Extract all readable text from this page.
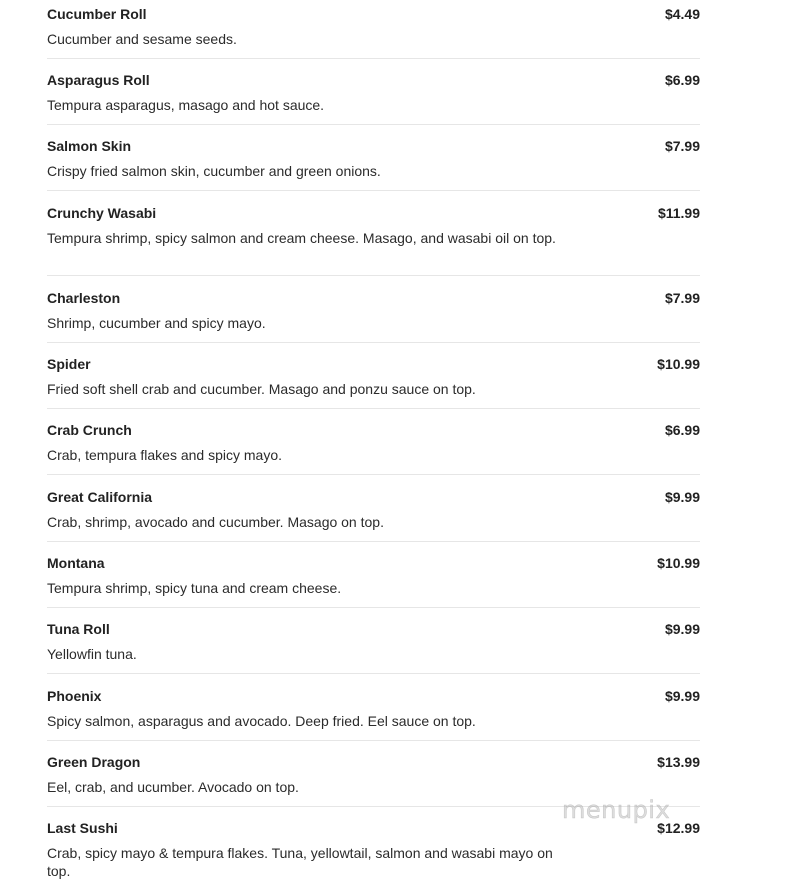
Cucumber Roll	$4.49
Cucumber and sesame seeds.
Asparagus Roll	$6.99
Tempura asparagus, masago and hot sauce.
Salmon Skin	$7.99
Crispy fried salmon skin, cucumber and green onions.
Crunchy Wasabi	$11.99
Tempura shrimp, spicy salmon and cream cheese. Masago, and wasabi oil on top.
Charleston	$7.99
Shrimp, cucumber and spicy mayo.
Spider	$10.99
Fried soft shell crab and cucumber. Masago and ponzu sauce on top.
Crab Crunch	$6.99
Crab, tempura flakes and spicy mayo.
Great California	$9.99
Crab, shrimp, avocado and cucumber. Masago on top.
Montana	$10.99
Tempura shrimp, spicy tuna and cream cheese.
Tuna Roll	$9.99
Yellowfin tuna.
Phoenix	$9.99
Spicy salmon, asparagus and avocado. Deep fried. Eel sauce on top.
Green Dragon	$13.99
Eel, crab, and ucumber. Avocado on top.
Last Sushi	$12.99
Crab, spicy mayo & tempura flakes. Tuna, yellowtail, salmon and wasabi mayo on top.
menupix
